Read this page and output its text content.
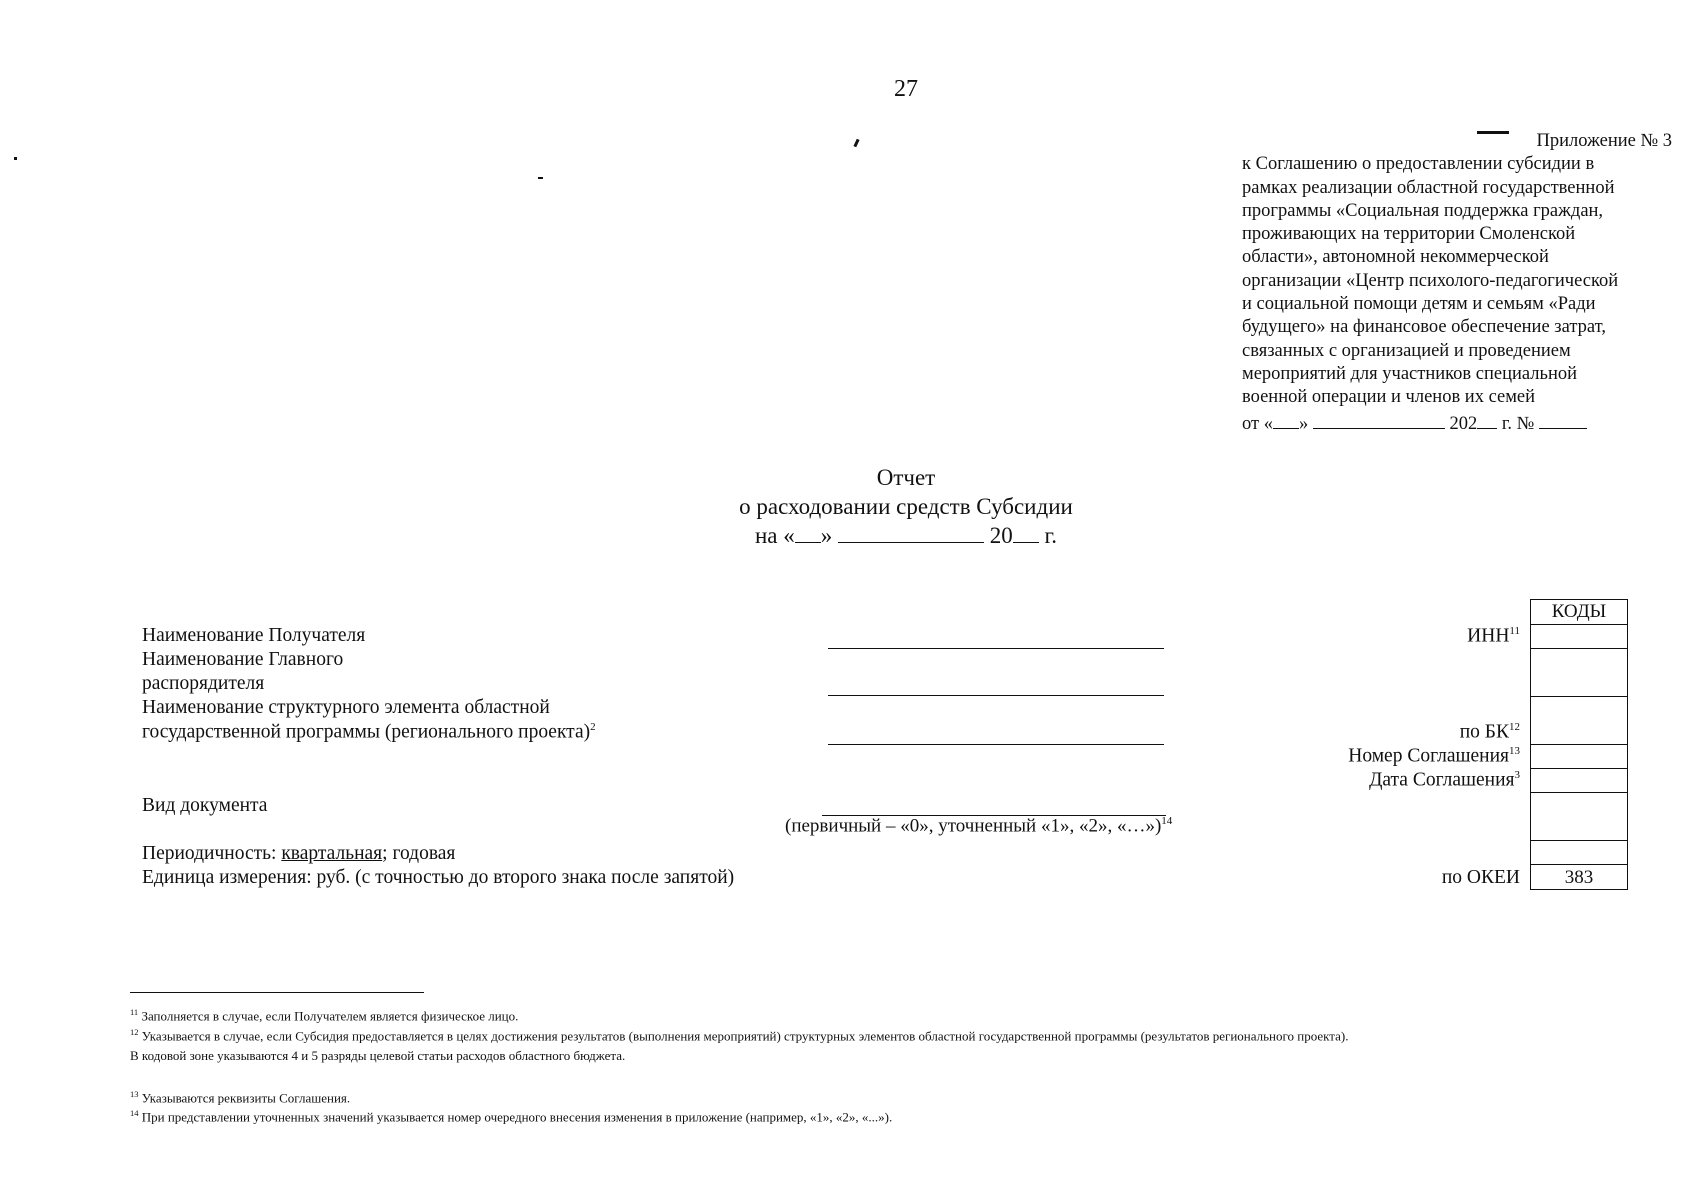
27
Приложение № 3
к Соглашению о предоставлении субсидии в
рамках реализации областной государственной
программы «Социальная поддержка граждан,
проживающих на территории Смоленской
области», автономной некоммерческой
организации «Центр психолого-педагогической
и социальной помощи детям и семьям «Ради
будущего» на финансовое обеспечение затрат,
связанных с организацией и проведением
мероприятий для участников специальной
военной операции и членов их семей
от « »	202 г. №
Отчет
о расходовании средств Субсидии
на « »	20 г.
Наименование Получателя
Наименование Главного
распорядителя
Наименование структурного элемента областной
государственной программы (регионального проекта)$^2$
Вид документа
Периодичность: квартальная; годовая
Единица измерения: руб. (с точностью до второго знака после запятой)
(первичный – «0», уточненный «1», «2», «…»)$^{14}$
ИНН$^{11}$
по БК$^{12}$
Номер Соглашения$^{13}$
Дата Соглашения$^3$
по ОКЕИ
КОДЫ
383
$^{11}$ Заполняется в случае, если Получателем является физическое лицо.
$^{12}$ Указывается в случае, если Субсидия предоставляется в целях достижения результатов (выполнения мероприятий) структурных элементов областной государственной программы (результатов регионального проекта).
В кодовой зоне указываются 4 и 5 разряды целевой статьи расходов областного бюджета.
$^{13}$ Указываются реквизиты Соглашения.
$^{14}$ При представлении уточненных значений указывается номер очередного внесения изменения в приложение (например, «1», «2», «...»).
